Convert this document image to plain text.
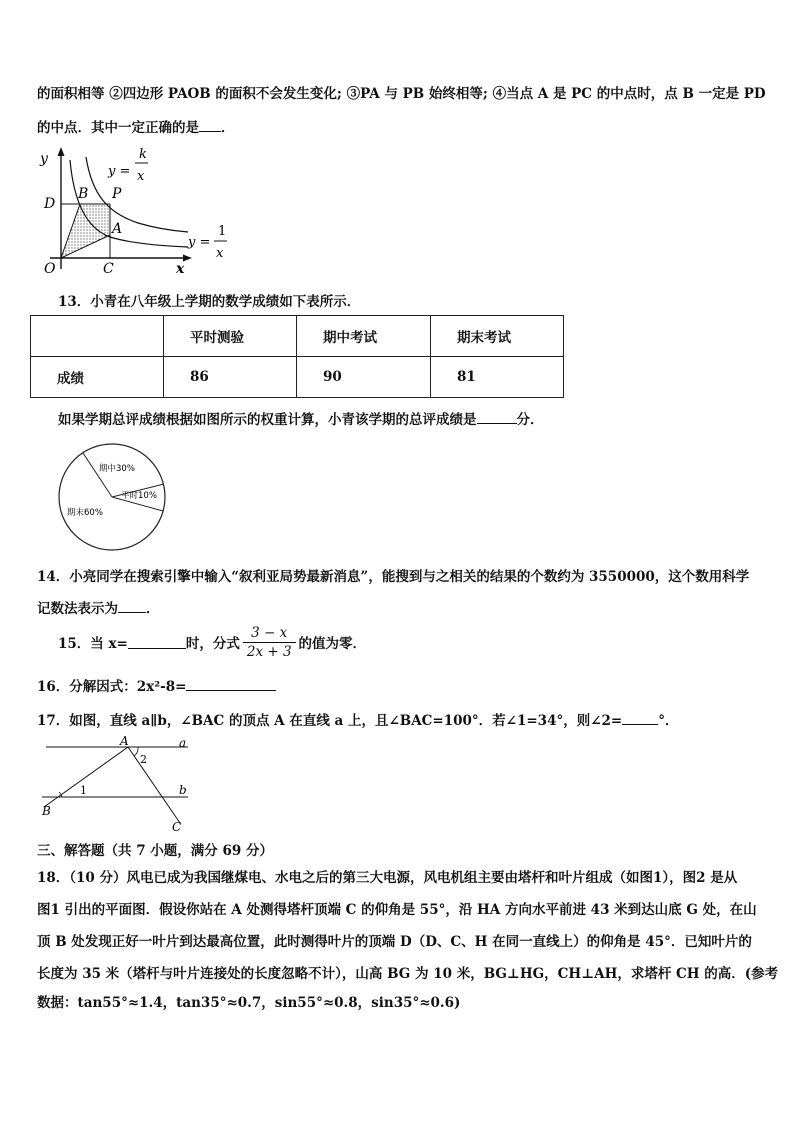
的面积相等 ②四边形 PAOB 的面积不会发生变化; ③PA 与 PB 始终相等; ④当点 A 是 PC 的中点时，点 B 一定是 PD
的中点．其中一定正确的是 ．
y
x
O	C
D
B P
A
y =
k
x
y =
1
x
13．小青在八年级上学期的数学成绩如下表所示．
	平时测验	期中考试	期末考试
成绩	86	90	81
如果学期总评成绩根据如图所示的权重计算，小青该学期的总评成绩是	分．
期中30%
平时10%
期末60%
14．小亮同学在搜索引擎中输入“叙利亚局势最新消息”，能搜到与之相关的结果的个数约为 3550000，这个数用科学
记数法表示为 ．
15．当 x=	时，分式 $\frac{3 - x}{2x + 3}$ 的值为零．
16．分解因式：2x²-8=
17．如图，直线 a∥b，∠BAC 的顶点 A 在直线 a 上，且∠BAC=100°．若∠1=34°，则∠2=	°．
A	a
b
B
C
1
2
三、解答题（共 7 小题，满分 69 分）
18．（10 分）风电已成为我国继煤电、水电之后的第三大电源，风电机组主要由塔杆和叶片组成（如图1），图2 是从
图1 引出的平面图．假设你站在 A 处测得塔杆顶端 C 的仰角是 55°，沿 HA 方向水平前进 43 米到达山底 G 处，在山
顶 B 处发现正好一叶片到达最高位置，此时测得叶片的顶端 D（D、C、H 在同一直线上）的仰角是 45°．已知叶片的
长度为 35 米（塔杆与叶片连接处的长度忽略不计），山高 BG 为 10 米，BG⊥HG，CH⊥AH，求塔杆 CH 的高．(参考
数据：tan55°≈1.4，tan35°≈0.7，sin55°≈0.8，sin35°≈0.6)
